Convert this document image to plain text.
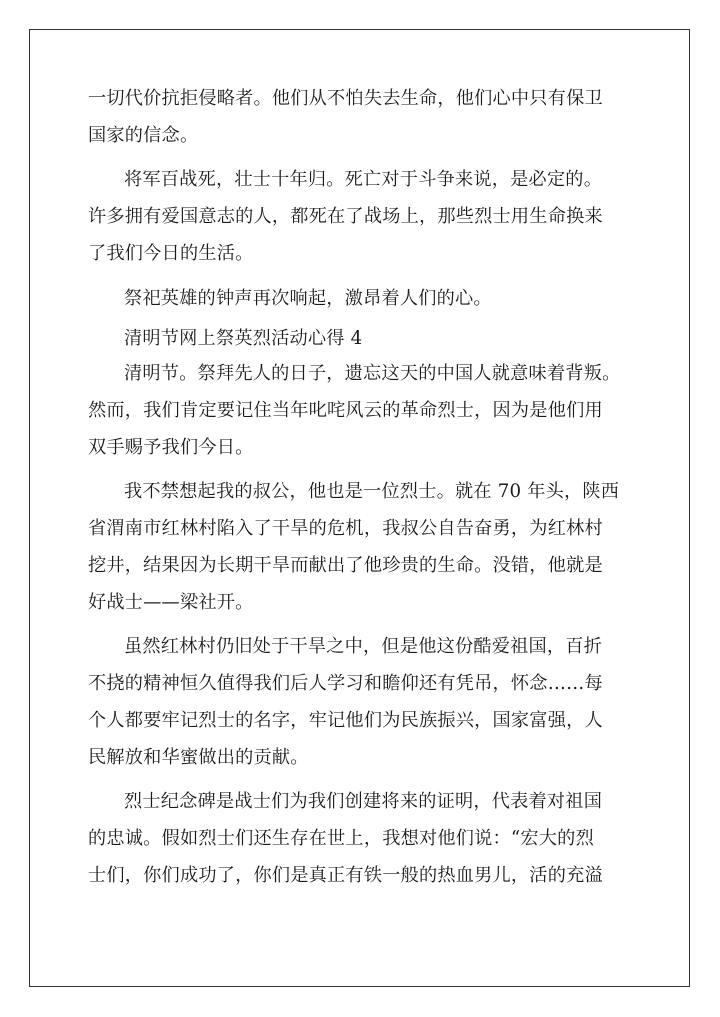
一切代价抗拒侵略者。他们从不怕失去生命，他们心中只有保卫
国家的信念。
将军百战死，壮士十年归。死亡对于斗争来说，是必定的。
许多拥有爱国意志的人，都死在了战场上，那些烈士用生命换来
了我们今日的生活。
祭祀英雄的钟声再次响起，激昂着人们的心。
清明节网上祭英烈活动心得 4
清明节。祭拜先人的日子，遗忘这天的中国人就意味着背叛。
然而，我们肯定要记住当年叱咤风云的革命烈士，因为是他们用
双手赐予我们今日。
我不禁想起我的叔公，他也是一位烈士。就在 70 年头，陕西
省渭南市红林村陷入了干旱的危机，我叔公自告奋勇，为红林村
挖井，结果因为长期干旱而献出了他珍贵的生命。没错，他就是
好战士——梁社开。
虽然红林村仍旧处于干旱之中，但是他这份酷爱祖国，百折
不挠的精神恒久值得我们后人学习和瞻仰还有凭吊，怀念……每
个人都要牢记烈士的名字，牢记他们为民族振兴，国家富强，人
民解放和华蜜做出的贡献。
烈士纪念碑是战士们为我们创建将来的证明，代表着对祖国
的忠诚。假如烈士们还生存在世上，我想对他们说：“宏大的烈
士们，你们成功了，你们是真正有铁一般的热血男儿，活的充溢
